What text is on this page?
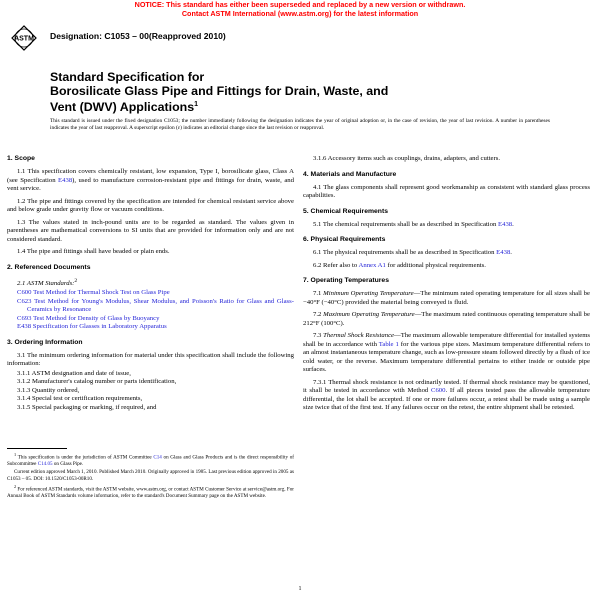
NOTICE: This standard has either been superseded and replaced by a new version or withdrawn.
Contact ASTM International (www.astm.org) for the latest information
ASTM Designation: C1053 – 00(Reapproved 2010)
Standard Specification for
Borosilicate Glass Pipe and Fittings for Drain, Waste, and
Vent (DWV) Applications$^1$
This standard is issued under the fixed designation C1053; the number immediately following the designation indicates the year of original adoption or, in the case of revision, the year of last revision. A number in parentheses indicates the year of last reapproval. A superscript epsilon (ε) indicates an editorial change since the last revision or reapproval.
1. Scope

1.1 This specification covers chemically resistant, low expansion, Type I, borosilicate glass, Class A (see Specification E438), used to manufacture corrosion-resistant pipe and fittings for drain, waste, and vent service.

1.2 The pipe and fittings covered by the specification are intended for chemical resistant service above and below grade under gravity flow or vacuum conditions.

1.3 The values stated in inch-pound units are to be regarded as standard. The values given in parentheses are mathematical conversions to SI units that are provided for information only and are not considered standard.

1.4 The pipe and fittings shall have beaded or plain ends.

2. Referenced Documents

2.1 ASTM Standards:$^2$

C600 Test Method for Thermal Shock Test on Glass Pipe

C623 Test Method for Young's Modulus, Shear Modulus, and Poisson's Ratio for Glass and Glass-Ceramics by Resonance

C693 Test Method for Density of Glass by Buoyancy

E438 Specification for Glasses in Laboratory Apparatus

3. Ordering Information

3.1 The minimum ordering information for material under this specification shall include the following information:

3.1.1 ASTM designation and date of issue,

3.1.2 Manufacturer's catalog number or parts identification,

3.1.3 Quantity ordered,

3.1.4 Special test or certification requirements,

3.1.5 Special packaging or marking, if required, and

$^1$ This specification is under the jurisdiction of ASTM Committee C14 on Glass and Glass Products and is the direct responsibility of Subcommittee C14.05 on Glass Pipe.

Current edition approved March 1, 2010. Published March 2010. Originally approved in 1985. Last previous edition approved in 2005 as C1053 – 05. DOI: 10.1520/C1053-00R10.

$^2$ For referenced ASTM standards, visit the ASTM website, www.astm.org, or contact ASTM Customer Service at service@astm.org. For Annual Book of ASTM Standards volume information, refer to the standard's Document Summary page on the ASTM website.

3.1.6 Accessory items such as couplings, drains, adapters, and cutters.

4. Materials and Manufacture

4.1 The glass components shall represent good workmanship as consistent with standard glass process capabilities.

5. Chemical Requirements

5.1 The chemical requirements shall be as described in Specification E438.

6. Physical Requirements

6.1 The physical requirements shall be as described in Specification E438.

6.2 Refer also to Annex A1 for additional physical requirements.

7. Operating Temperatures

7.1 Minimum Operating Temperature—The minimum rated operating temperature for all sizes shall be −40°F (−40°C) provided the material being conveyed is fluid.

7.2 Maximum Operating Temperature—The maximum rated continuous operating temperature shall be 212°F (100°C).

7.3 Thermal Shock Resistance—The maximum allowable temperature differential for installed systems shall be in accordance with Table 1 for the various pipe sizes. Maximum temperature differential refers to an almost instantaneous temperature change, such as low-pressure steam followed directly by a flush of ice cold water, or the reverse. Maximum temperature differential pertains to either inside or outside pipe surfaces.

7.3.1 Thermal shock resistance is not ordinarily tested. If thermal shock resistance may be questioned, it shall be tested in accordance with Method C600. If all pieces tested pass the allowable temperature differential, the lot shall be accepted. If one or more failures occur, a retest shall be made using a sample size twice that of the first test. If any failures occur on the retest, the entire shipment shall be retested.

1
